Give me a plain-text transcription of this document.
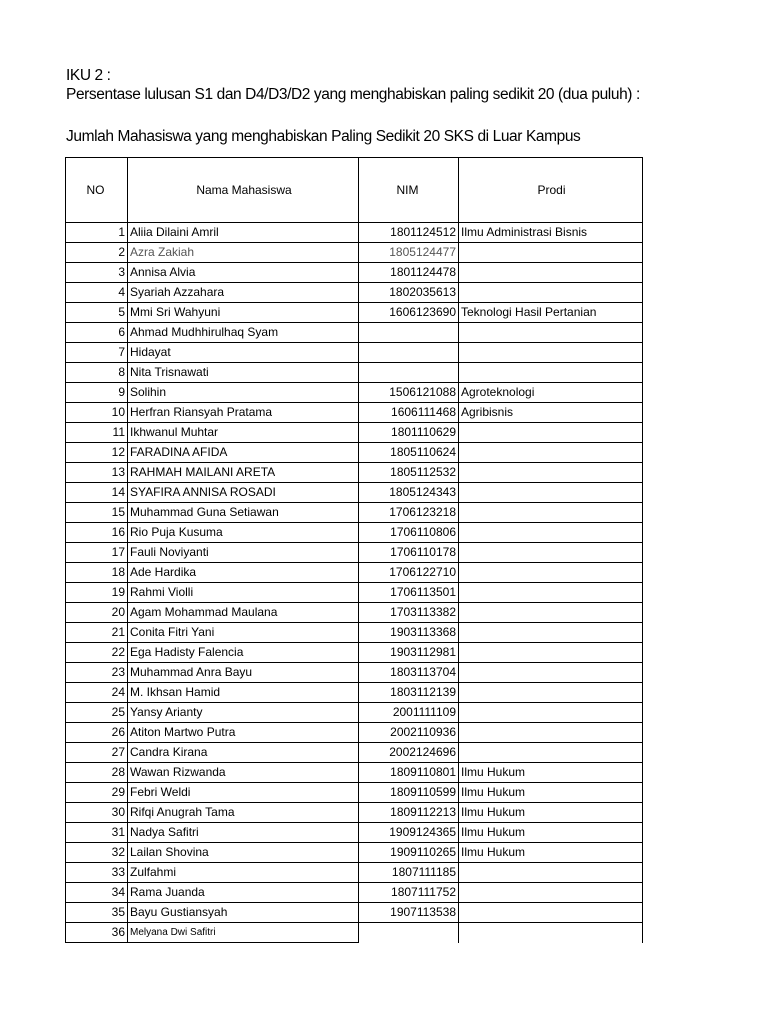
IKU 2 :
Persentase lulusan S1 dan D4/D3/D2 yang menghabiskan paling sedikit 20 (dua puluh) :
Jumlah Mahasiswa yang menghabiskan Paling Sedikit 20 SKS di Luar Kampus
NO	Nama Mahasiswa	NIM	Prodi
1	Aliia Dilaini Amril	1801124512	Ilmu Administrasi Bisnis
2	Azra Zakiah	1805124477	
3	Annisa Alvia	1801124478	
4	Syariah Azzahara	1802035613	
5	Mmi Sri Wahyuni	1606123690	Teknologi Hasil Pertanian
6	Ahmad Mudhhirulhaq Syam		
7	Hidayat		
8	Nita Trisnawati		
9	Solihin	1506121088	Agroteknologi
10	Herfran Riansyah Pratama	1606111468	Agribisnis
11	Ikhwanul Muhtar	1801110629	
12	FARADINA AFIDA	1805110624	
13	RAHMAH MAILANI ARETA	1805112532	
14	SYAFIRA ANNISA ROSADI	1805124343	
15	Muhammad Guna Setiawan	1706123218	
16	Rio Puja Kusuma	1706110806	
17	Fauli Noviyanti	1706110178	
18	Ade Hardika	1706122710	
19	Rahmi Violli	1706113501	
20	Agam Mohammad Maulana	1703113382	
21	Conita Fitri Yani	1903113368	
22	Ega Hadisty Falencia	1903112981	
23	Muhammad Anra Bayu	1803113704	
24	M. Ikhsan Hamid	1803112139	
25	Yansy Arianty	2001111109	
26	Atiton Martwo Putra	2002110936	
27	Candra Kirana	2002124696	
28	Wawan Rizwanda	1809110801	Ilmu Hukum
29	Febri Weldi	1809110599	Ilmu Hukum
30	Rifqi Anugrah Tama	1809112213	Ilmu Hukum
31	Nadya Safitri	1909124365	Ilmu Hukum
32	Lailan Shovina	1909110265	Ilmu Hukum
33	Zulfahmi	1807111185	
34	Rama Juanda	1807111752	
35	Bayu Gustiansyah	1907113538	
36	Melyana Dwi Safitri		
